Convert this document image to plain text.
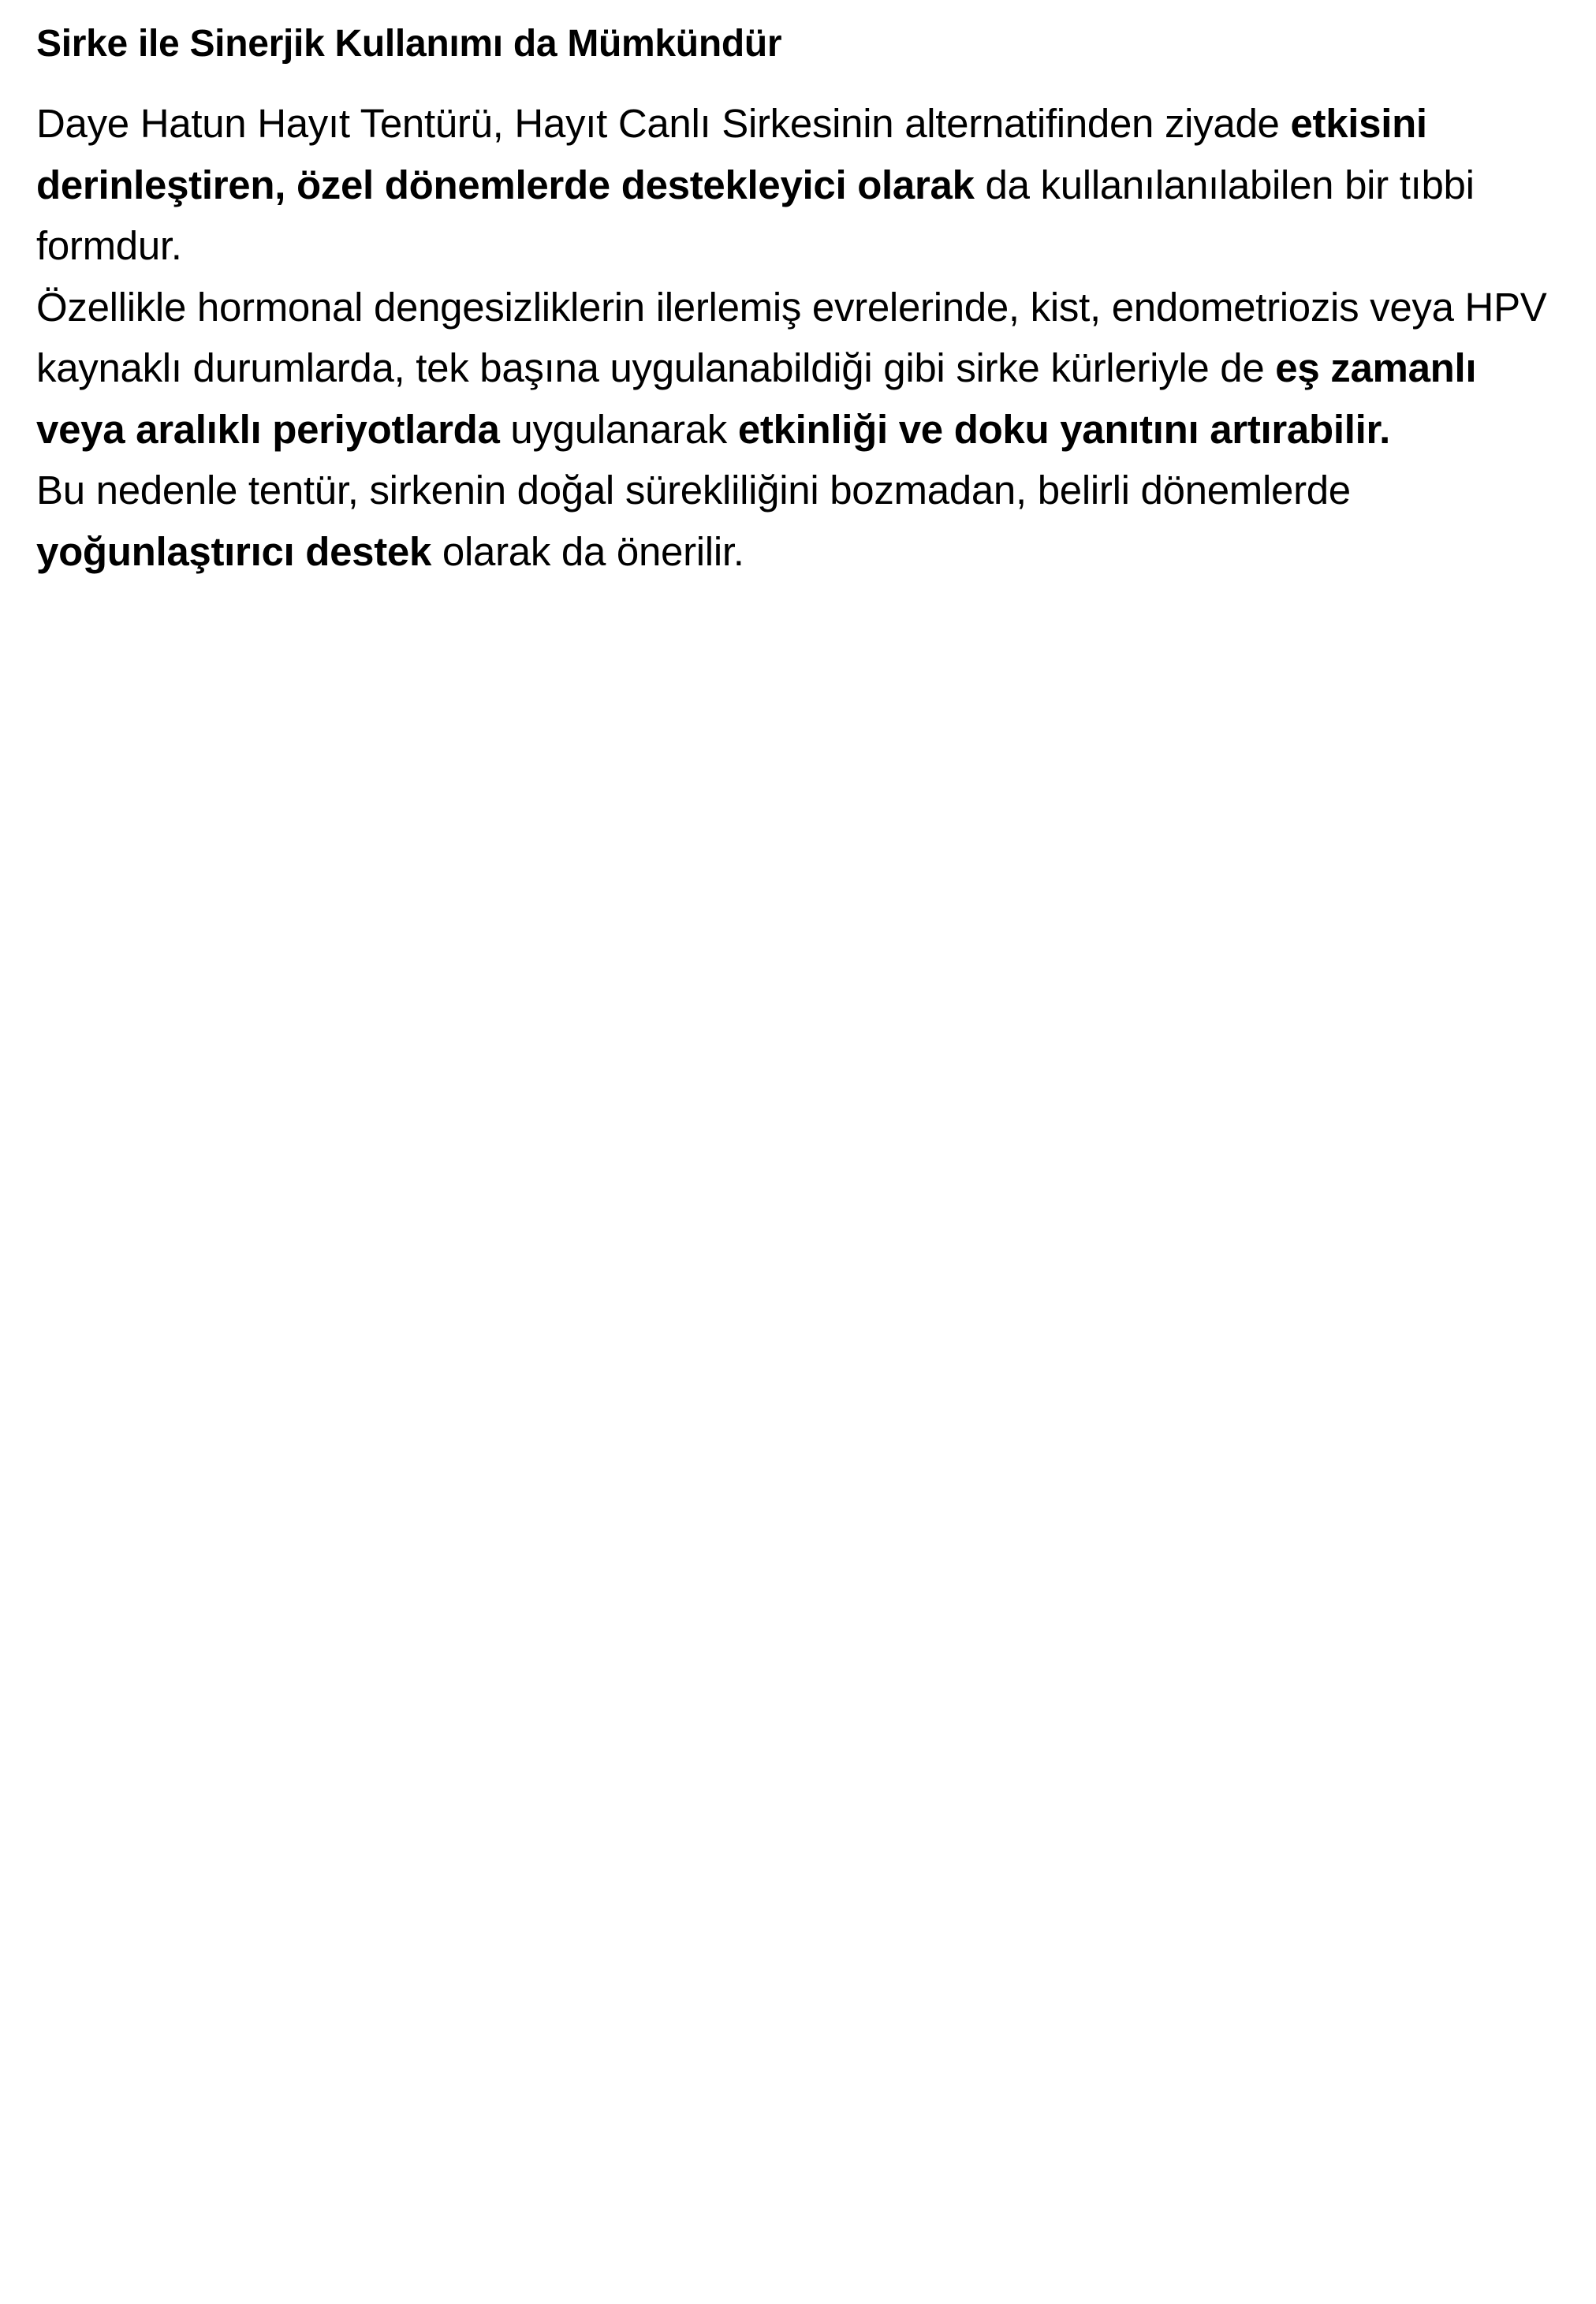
Sirke ile Sinerjik Kullanımı da Mümkündür
Daye Hatun Hayıt Tentürü, Hayıt Canlı Sirkesinin alternatifinden ziyade etkisini derinleştiren, özel dönemlerde destekleyici olarak da kullanılanılabilen bir tıbbi formdur.
Özellikle hormonal dengesizliklerin ilerlemiş evrelerinde, kist, endometriozis veya HPV kaynaklı durumlarda, tek başına uygulanabildiği gibi sirke kürleriyle de eş zamanlı veya aralıklı periyotlarda uygulanarak etkinliği ve doku yanıtını artırabilir.
Bu nedenle tentür, sirkenin doğal sürekliliğini bozmadan, belirli dönemlerde yoğunlaştırıcı destek olarak da önerilir.
